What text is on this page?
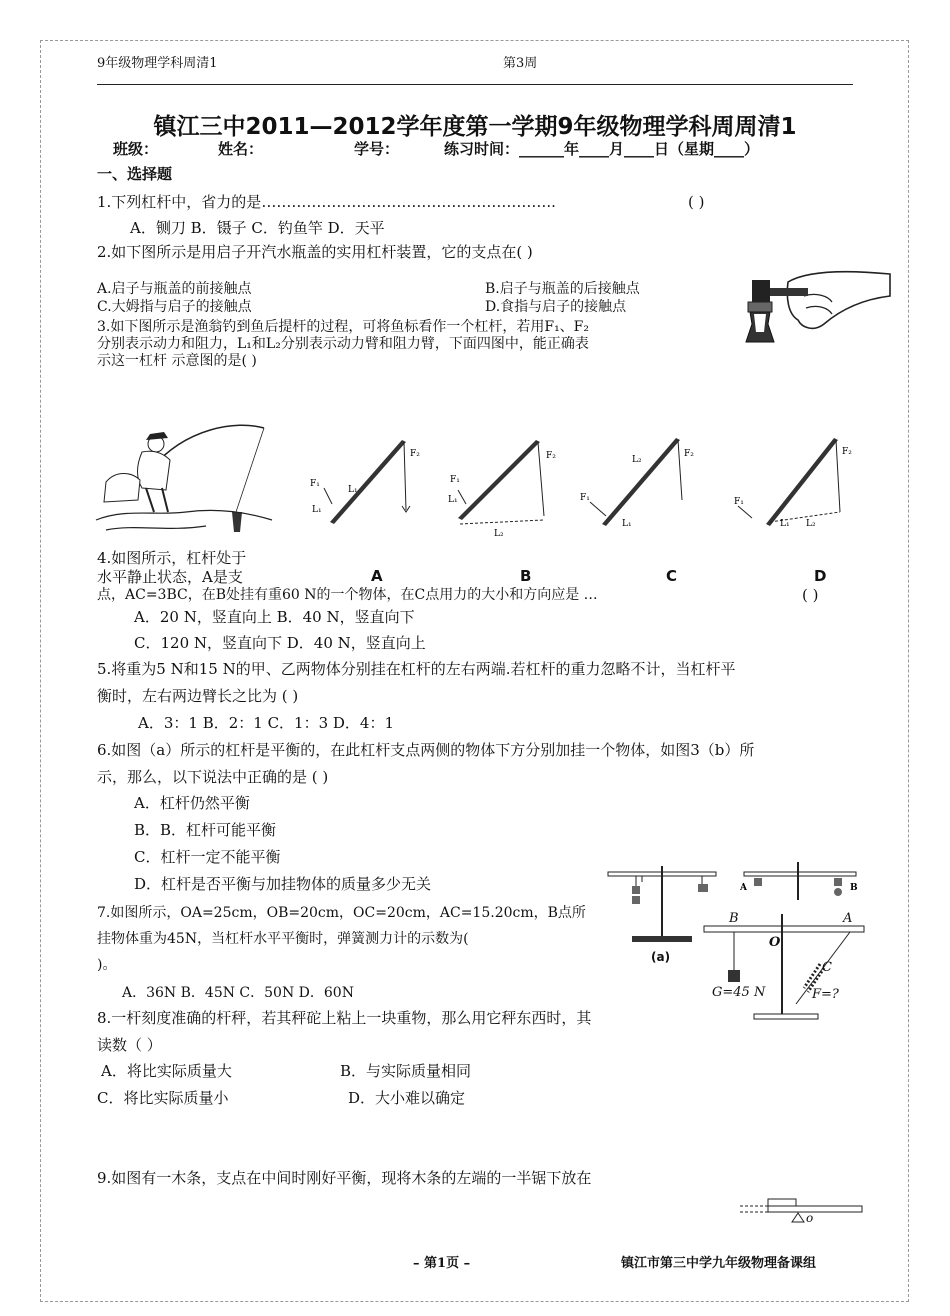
9年级物理学科周清1	第3周
镇江三中2011—2012学年度第一学期9年级物理学科周周清1
班级：	姓名：	学号：	练习时间：______年____月____日（星期____）
一、选择题
1.下列杠杆中，省力的是…………………………………………………..	( )
A．铡刀 B．镊子 C．钓鱼竿 D．天平
2.如下图所示是用启子开汽水瓶盖的实用杠杆装置，它的支点在( )
A.启子与瓶盖的前接触点	B.启子与瓶盖的后接触点
C.大姆指与启子的接触点	D.食指与启子的接触点
3.如下图所示是渔翁钓到鱼后提杆的过程，可将鱼标看作一个杠杆，若用F₁、F₂
分别表示动力和阻力，L₁和L₂分别表示动力臂和阻力臂，下面四图中，能正确表
示这一杠杆 示意图的是( )
F₂
F₁
L₁
L₁
F₂
F₁
L₁
L₂
F₂
F₁
L₁
L₂
F₂
F₁
L₁ L₂
A	B	C	D
4.如图所示，杠杆处于
水平静止状态，A是支
点，AC=3BC，在B处挂有重60 N的一个物体，在C点用力的大小和方向应是 …	( )
A．20 N，竖直向上 B．40 N，竖直向下
C．120 N，竖直向下 D．40 N，竖直向上
5.将重为5 N和15 N的甲、乙两物体分别挂在杠杆的左右两端.若杠杆的重力忽略不计，当杠杆平
衡时，左右两边臂长之比为 ( )
A．3：1 B．2：1 C．1：3 D．4：1
6.如图（a）所示的杠杆是平衡的，在此杠杆支点两侧的物体下方分别加挂一个物体，如图3（b）所
示，那么，以下说法中正确的是 ( )
A．杠杆仍然平衡
B．B．杠杆可能平衡
C．杠杆一定不能平衡
D．杠杆是否平衡与加挂物体的质量多少无关
(a)
A	B
7.如图所示，OA=25cm，OB=20cm，OC=20cm，AC=15.20cm，B点所
挂物体重为45N，当杠杆水平平衡时，弹簧测力计的示数为(
)。
A．36N B．45N C．50N D．60N
B	A
O
C
G=45 N	F=?
8.一杆刻度准确的杆秤，若其秤砣上粘上一块重物，那么用它秤东西时，其
读数（ ）
A．将比实际质量大	B．与实际质量相同
C．将比实际质量小	D．大小难以确定
9.如图有一木条，支点在中间时刚好平衡，现将木条的左端的一半锯下放在
o
– 第1页 –	镇江市第三中学九年级物理备课组
